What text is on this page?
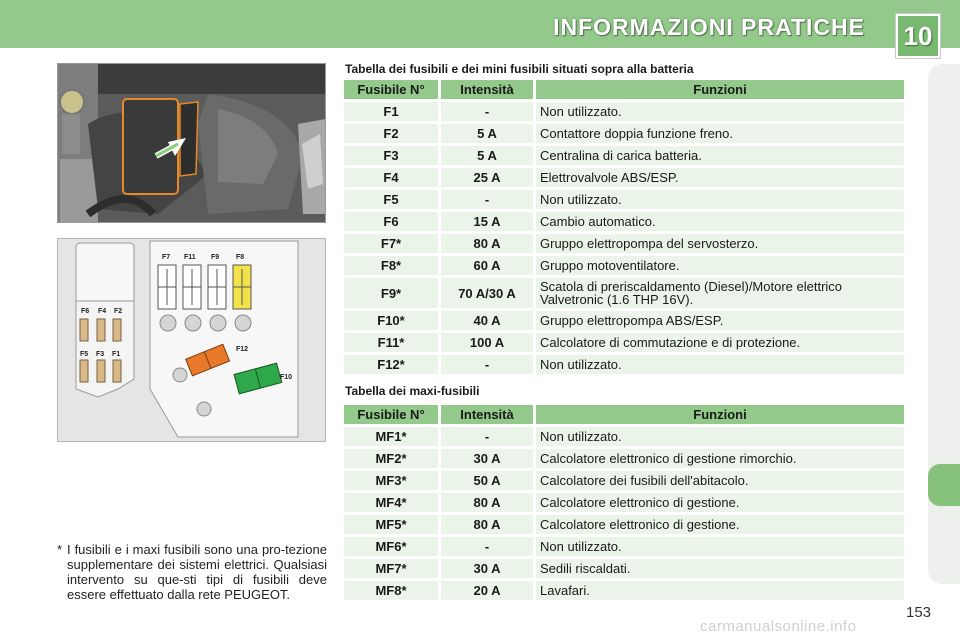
INFORMAZIONI PRATICHE 10
F6 F4 F2
F5 F3 F1
F7 F11 F9 F8
F12
F10
* I fusibili e i maxi fusibili sono una pro-tezione supplementare dei sistemi elettrici. Qualsiasi intervento su que-sti tipi di fusibili deve essere effettuato dalla rete PEUGEOT.
Tabella dei fusibili e dei mini fusibili situati sopra alla batteria
Fusibile N°	Intensità	Funzioni
F1	-	Non utilizzato.
F2	5 A	Contattore doppia funzione freno.
F3	5 A	Centralina di carica batteria.
F4	25 A	Elettrovalvole ABS/ESP.
F5	-	Non utilizzato.
F6	15 A	Cambio automatico.
F7*	80 A	Gruppo elettropompa del servosterzo.
F8*	60 A	Gruppo motoventilatore.
F9*	70 A/30 A	Scatola di preriscaldamento (Diesel)/Motore elettrico Valvetronic (1.6 THP 16V).
F10*	40 A	Gruppo elettropompa ABS/ESP.
F11*	100 A	Calcolatore di commutazione e di protezione.
F12*	-	Non utilizzato.
Tabella dei maxi-fusibili
Fusibile N°	Intensità	Funzioni
MF1*	-	Non utilizzato.
MF2*	30 A	Calcolatore elettronico di gestione rimorchio.
MF3*	50 A	Calcolatore dei fusibili dell'abitacolo.
MF4*	80 A	Calcolatore elettronico di gestione.
MF5*	80 A	Calcolatore elettronico di gestione.
MF6*	-	Non utilizzato.
MF7*	30 A	Sedili riscaldati.
MF8*	20 A	Lavafari.
153
carmanualsonline.info
